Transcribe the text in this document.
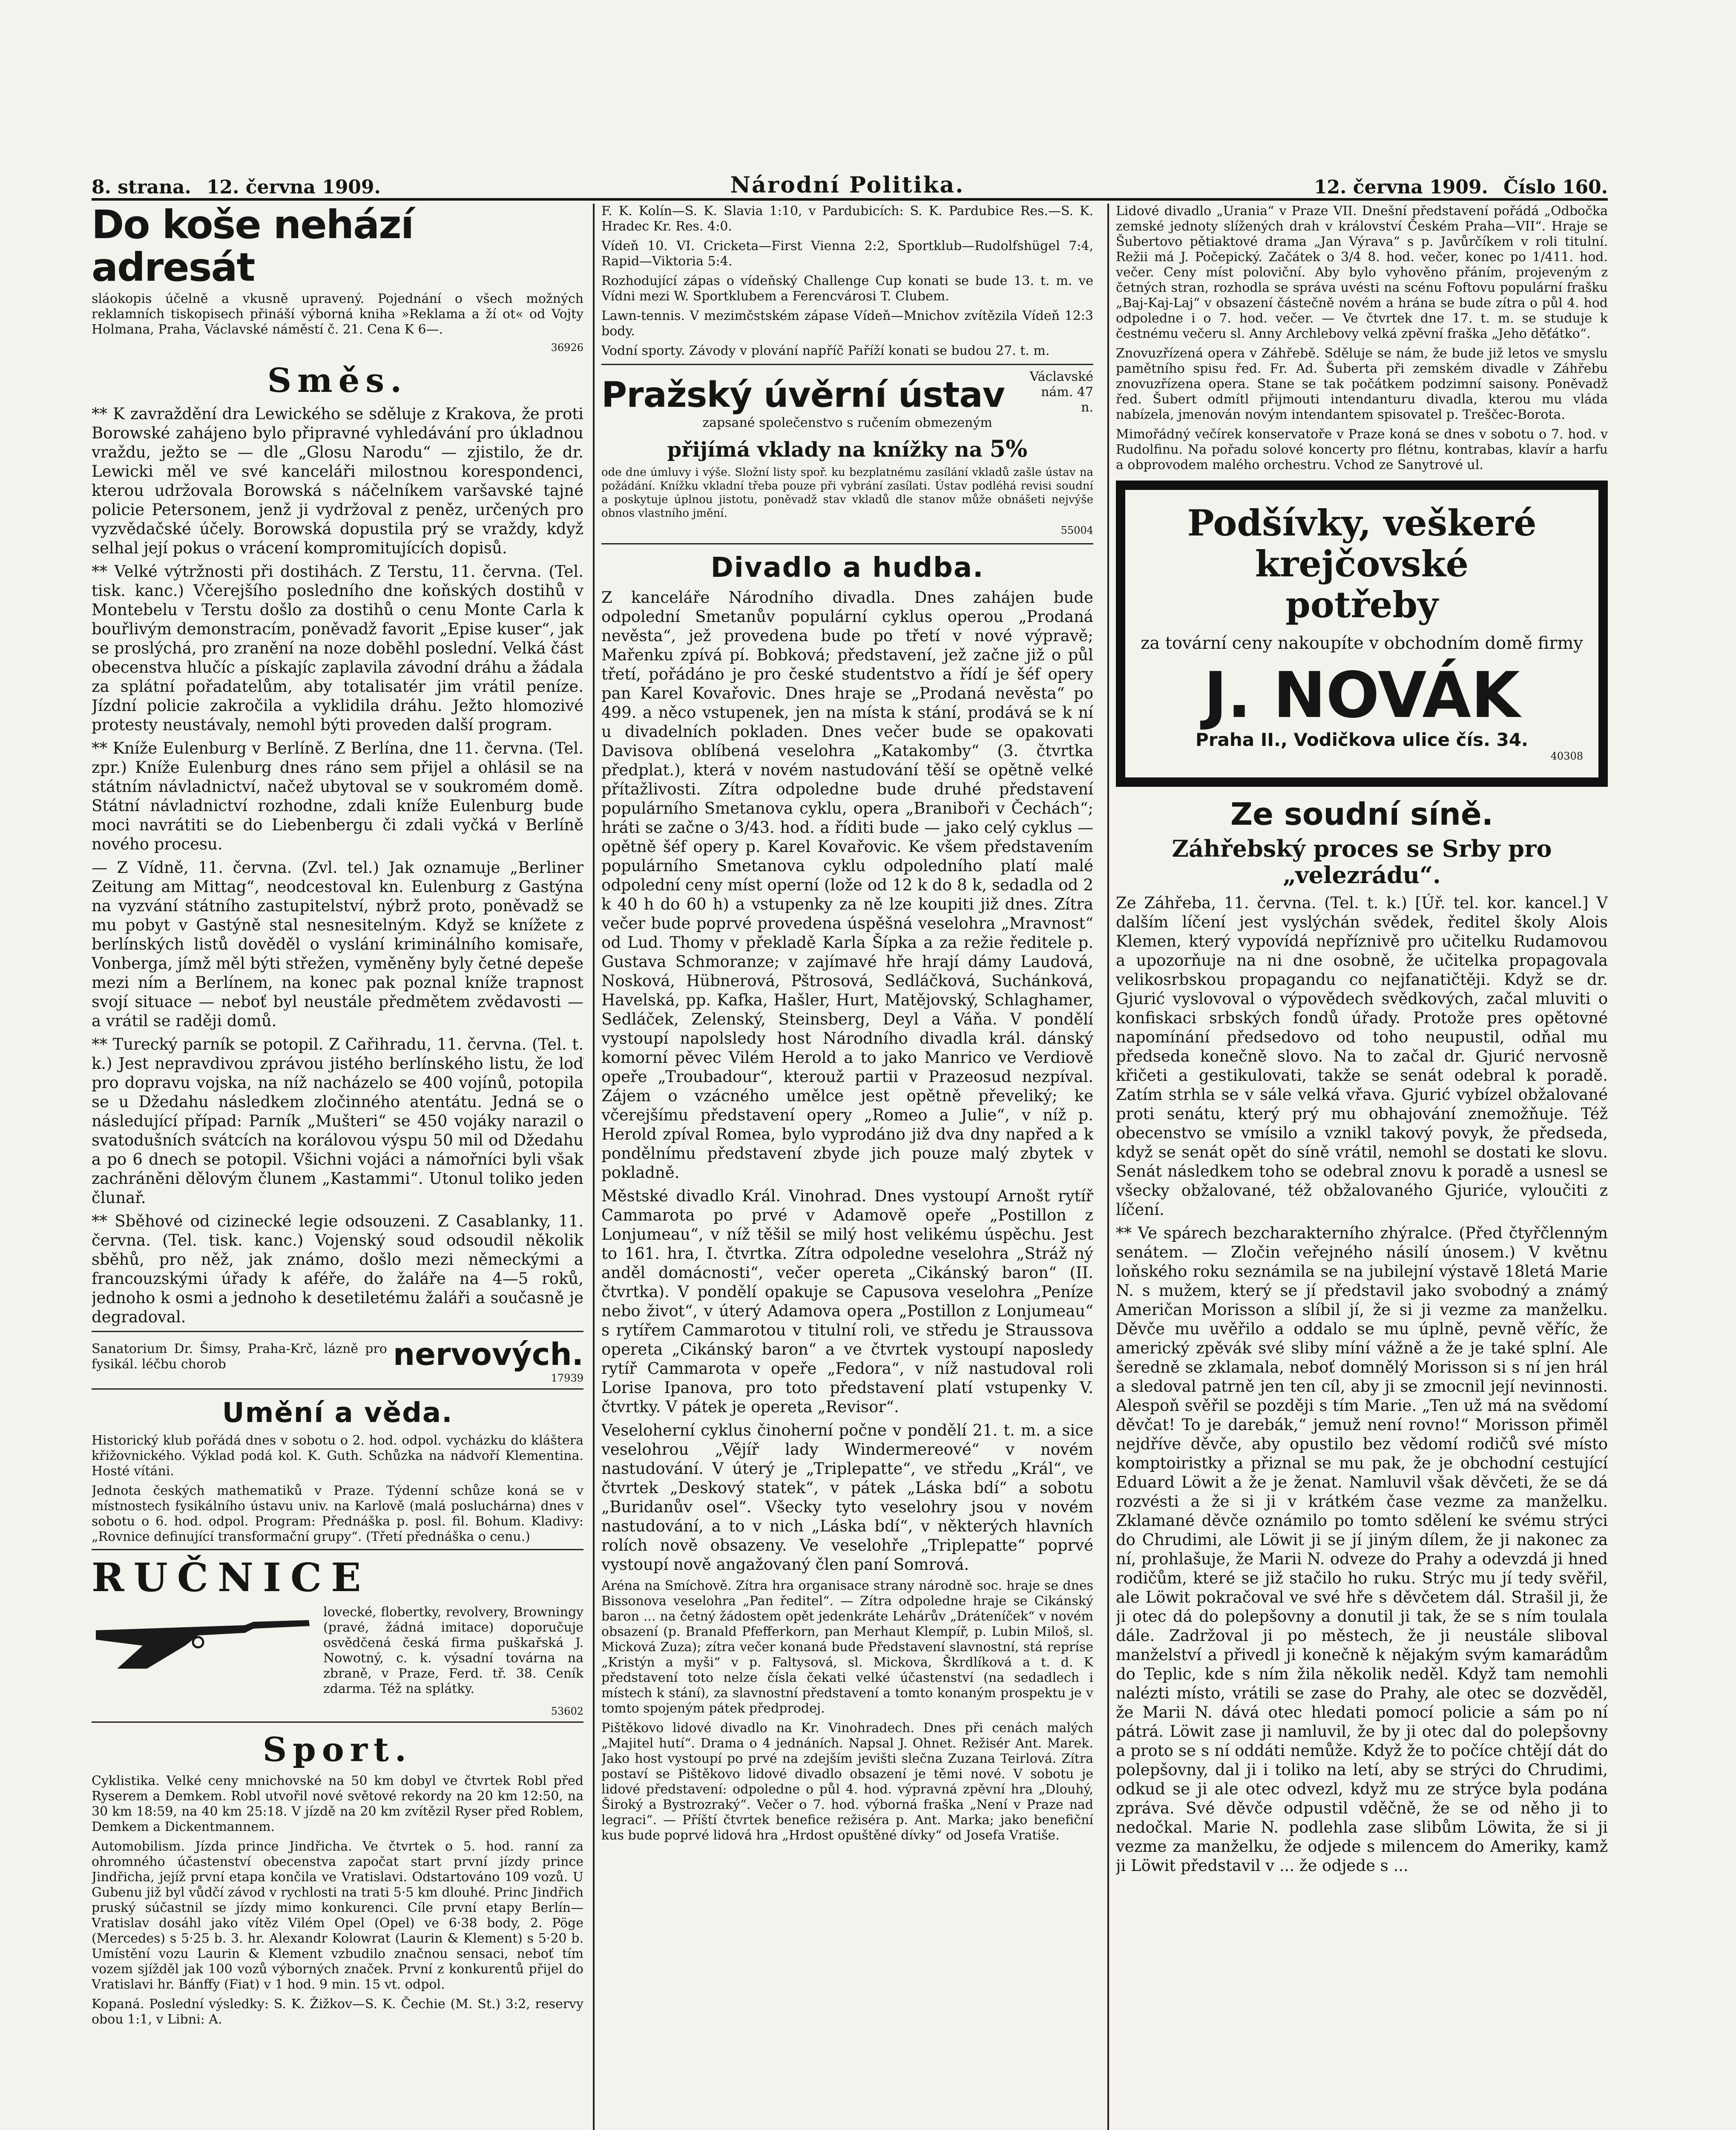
8. strana. 12. června 1909.	Národní Politika.	12. června 1909. Číslo 160.
Do koše nehází adresát

sláokopis účelně a vkusně upravený. Pojednání o všech možných reklamních tiskopisech přináší výborná kniha »Reklama a ží ot« od Vojty Holmana, Praha, Václavské náměstí č. 21. Cena K 6—.

36926
Směs.

** K zavraždění dra Lewického se sděluje z Krakova, že proti Borowské zahájeno bylo připravné vyhledávání pro úkladnou vraždu, ježto se — dle „Glosu Narodu“ — zjistilo, že dr. Lewicki měl ve své kanceláři milostnou korespondenci, kterou udržovala Borowská s náčelníkem varšavské tajné policie Petersonem, jenž ji vydržoval z peněz, určených pro vyzvědačské účely. Borowská dopustila prý se vraždy, když selhal její pokus o vrácení kompromitujících dopisů.

** Velké výtržnosti při dostihách. Z Terstu, 11. června. (Tel. tisk. kanc.) Včerejšího posledního dne koňských dostihů v Montebelu v Terstu došlo za dostihů o cenu Monte Carla k bouřlivým demonstracím, poněvadž favorit „Epise kuser“, jak se proslýchá, pro zranění na noze doběhl poslední. Velká část obecenstva hlučíc a pískajíc zaplavila závodní dráhu a žádala za splátní pořadatelům, aby totalisatér jim vrátil peníze. Jízdní policie zakročila a vyklidila dráhu. Ježto hlomozivé protesty neustávaly, nemohl býti proveden další program.

** Kníže Eulenburg v Berlíně. Z Berlína, dne 11. června. (Tel. zpr.) Kníže Eulenburg dnes ráno sem přijel a ohlásil se na státním návladnictví, načež ubytoval se v soukromém domě. Státní návladnictví rozhodne, zdali kníže Eulenburg bude moci navrátiti se do Liebenbergu či zdali vyčká v Berlíně nového procesu.

— Z Vídně, 11. června. (Zvl. tel.) Jak oznamuje „Berliner Zeitung am Mittag“, neodcestoval kn. Eulenburg z Gastýna na vyzvání státního zastupitelství, nýbrž proto, poněvadž se mu pobyt v Gastýně stal nesnesitelným. Když se knížete z berlínských listů dověděl o vyslání kriminálního komisaře, Vonberga, jímž měl býti střežen, vyměněny byly četné depeše mezi ním a Berlínem, na konec pak poznal kníže trapnost svojí situace — neboť byl neustále předmětem zvědavosti — a vrátil se raději domů.

** Turecký parník se potopil. Z Cařihradu, 11. června. (Tel. t. k.) Jest nepravdivou zprávou jistého berlínského listu, že loď pro dopravu vojska, na níž nacházelo se 400 vojínů, potopila se u Džedahu následkem zločinného atentátu. Jedná se o následující případ: Parník „Mušteri“ se 450 vojáky narazil o svatodušních svátcích na korálovou výspu 50 mil od Džedahu a po 6 dnech se potopil. Všichni vojáci a námořníci byli však zachráněni dělovým člunem „Kastammi“. Utonul toliko jeden člunař.

** Sběhové od cizinecké legie odsouzeni. Z Casablanky, 11. června. (Tel. tisk. kanc.) Vojenský soud odsoudil několik sběhů, pro něž, jak známo, došlo mezi německými a francouzskými úřady k aféře, do žaláře na 4—5 roků, jednoho k osmi a jednoho k desetiletému žaláři a současně je degradoval.

Sanatorium Dr. Šimsy, Praha-Krč, lázně pro fysikál. léčbu chorob	nervových.
17939
Umění a věda.

Historický klub pořádá dnes v sobotu o 2. hod. odpol. vycházku do kláštera křižovnického. Výklad podá kol. K. Guth. Schůzka na nádvoří Klementina. Hosté vítáni.

Jednota českých mathematiků v Praze. Týdenní schůze koná se v místnostech fysikálního ústavu univ. na Karlově (malá posluchárna) dnes v sobotu o 6. hod. odpol. Program: Přednáška p. posl. fil. Bohum. Kladivy: „Rovnice definující transformační grupy“. (Třetí přednáška o cenu.)

RUČNICE

lovecké, flobertky, revolvery, Browningy (pravé, žádná imitace) doporučuje osvědčená česká firma puškařská J. Nowotný, c. k. výsadní továrna na zbraně, v Praze, Ferd. tř. 38. Ceník zdarma. Též na splátky.

53602
Sport.

Cyklistika. Velké ceny mnichovské na 50 km dobyl ve čtvrtek Robl před Ryserem a Demkem. Robl utvořil nové světové rekordy na 20 km 12:50, na 30 km 18:59, na 40 km 25:18. V jízdě na 20 km zvítězil Ryser před Roblem, Demkem a Dickentmannem.

Automobilism. Jízda prince Jindřicha. Ve čtvrtek o 5. hod. ranní za ohromného účastenství obecenstva započat start první jízdy prince Jindřicha, jejíž první etapa končila ve Vratislavi. Odstartováno 109 vozů. U Gubenu již byl vůdčí závod v rychlosti na trati 5·5 km dlouhé. Princ Jindřich pruský súčastnil se jízdy mimo konkurenci. Cíle první etapy Berlín—Vratislav dosáhl jako vítěz Vilém Opel (Opel) ve 6·38 body, 2. Pöge (Mercedes) s 5·25 b. 3. hr. Alexandr Kolowrat (Laurin & Klement) s 5·20 b. Umístění vozu Laurin & Klement vzbudilo značnou sensaci, neboť tím vozem sjížděl jak 100 vozů výborných značek. První z konkurentů přijel do Vratislavi hr. Bánffy (Fiat) v 1 hod. 9 min. 15 vt. odpol.

Kopaná. Poslední výsledky: S. K. Žižkov—S. K. Čechie (M. St.) 3:2, reservy obou 1:1, v Libni: A.

F. K. Kolín—S. K. Slavia 1:10, v Pardubicích: S. K. Pardubice Res.—S. K. Hradec Kr. Res. 4:0.

Vídeň 10. VI. Cricketa—First Vienna 2:2, Sportklub—Rudolfshügel 7:4, Rapid—Viktoria 5:4.

Rozhodující zápas o vídeňský Challenge Cup konati se bude 13. t. m. ve Vídni mezi W. Sportklubem a Ferencvárosi T. Clubem.

Lawn-tennis. V mezimčstském zápase Vídeň—Mnichov zvítězila Vídeň 12:3 body.

Vodní sporty. Závody v plování napříč Paříží konati se budou 27. t. m.

Pražský úvěrní ústav	Václavské nám. 47 n.

zapsané společenstvo s ručením obmezeným

přijímá vklady na knížky na 5%

ode dne úmluvy i výše. Složní listy spoř. ku bezplatnému zasílání vkladů zašle ústav na požádání. Knížku vkladní třeba pouze při vybrání zasílati. Ústav podléhá revisi soudní a poskytuje úplnou jistotu, poněvadž stav vkladů dle stanov může obnášeti nejvýše obnos vlastního jmění.

55004
Divadlo a hudba.

Z kanceláře Národního divadla. Dnes zahájen bude odpolední Smetanův populární cyklus operou „Prodaná nevěsta“, jež provedena bude po třetí v nové výpravě; Mařenku zpívá pí. Bobková; představení, jež začne již o půl třetí, pořádáno je pro české studentstvo a řídí je šéf opery pan Karel Kovařovic. Dnes hraje se „Prodaná nevěsta“ po 499. a něco vstupenek, jen na místa k stání, prodává se k ní u divadelních pokladen. Dnes večer bude se opakovati Davisova oblíbená veselohra „Katakomby“ (3. čtvrtka předplat.), která v novém nastudování těší se opětně velké přítažlivosti. Zítra odpoledne bude druhé představení populárního Smetanova cyklu, opera „Braniboři v Čechách“; hráti se začne o 3/43. hod. a říditi bude — jako celý cyklus — opětně šéf opery p. Karel Kovařovic. Ke všem představením populárního Smetanova cyklu odpoledního platí malé odpolední ceny míst operní (lože od 12 k do 8 k, sedadla od 2 k 40 h do 60 h) a vstupenky za ně lze koupiti již dnes. Zítra večer bude poprvé provedena úspěšná veselohra „Mravnost“ od Lud. Thomy v překladě Karla Šípka a za režie ředitele p. Gustava Schmoranze; v zajímavé hře hrají dámy Laudová, Nosková, Hübnerová, Pštrosová, Sedláčková, Suchánková, Havelská, pp. Kafka, Hašler, Hurt, Matějovský, Schlaghamer, Sedláček, Zelenský, Steinsberg, Deyl a Váňa. V pondělí vystoupí napolsledy host Národního divadla král. dánský komorní pěvec Vilém Herold a to jako Manrico ve Verdiově opeře „Troubadour“, kterouž partii v Prazeosud nezpíval. Zájem o vzácného umělce jest opětně převeliký; ke včerejšímu představení opery „Romeo a Julie“, v níž p. Herold zpíval Romea, bylo vyprodáno již dva dny napřed a k pondělnímu představení zbyde jich pouze malý zbytek v pokladně.

Městské divadlo Král. Vinohrad. Dnes vystoupí Arnošt rytíř Cammarota po prvé v Adamově opeře „Postillon z Lonjumeau“, v níž těšil se milý host velikému úspěchu. Jest to 161. hra, I. čtvrtka. Zítra odpoledne veselohra „Stráž ný anděl domácnosti“, večer opereta „Cikánský baron“ (II. čtvrtka). V pondělí opakuje se Capusova veselohra „Peníze nebo život“, v úterý Adamova opera „Postillon z Lonjumeau“ s rytířem Cammarotou v titulní roli, ve středu je Straussova opereta „Cikánský baron“ a ve čtvrtek vystoupí naposledy rytíř Cammarota v opeře „Fedora“, v níž nastudoval roli Lorise Ipanova, pro toto představení platí vstupenky V. čtvrtky. V pátek je opereta „Revisor“.

Veseloherní cyklus činoherní počne v pondělí 21. t. m. a sice veselohrou „Vějíř lady Windermereové“ v novém nastudování. V úterý je „Triplepatte“, ve středu „Král“, ve čtvrtek „Deskový statek“, v pátek „Láska bdí“ a sobotu „Buridanův osel“. Všecky tyto veselohry jsou v novém nastudování, a to v nich „Láska bdí“, v některých hlavních rolích nově obsazeny. Ve veselohře „Triplepatte“ poprvé vystoupí nově angažovaný člen paní Somrová.

Aréna na Smíchově. Zítra hra organisace strany národně soc. hraje se dnes Bissonova veselohra „Pan ředitel“. — Zítra odpoledne hraje se Cikánský baron ... na četný žádostem opět jedenkráte Lehárův „Dráteníček“ v novém obsazení (p. Branald Pfefferkorn, pan Merhaut Klempíř, p. Lubin Miloš, sl. Micková Zuza); zítra večer konaná bude Představení slavnostní, stá repríse „Kristýn a myši“ v p. Faltysová, sl. Mickova, Škrdlíková a t. d. K představení toto nelze čísla čekati velké účastenství (na sedadlech i místech k stání), za slavnostní představení a tomto konaným prospektu je v tomto spojeným pátek předprodej.

Pištěkovo lidové divadlo na Kr. Vinohradech. Dnes při cenách malých „Majitel hutí“. Drama o 4 jednáních. Napsal J. Ohnet. Režisér Ant. Marek. Jako host vystoupí po prvé na zdejším jevišti slečna Zuzana Teirlová. Zítra postaví se Pištěkovo lidové divadlo obsazení je těmi nové. V sobotu je lidové představení: odpoledne o půl 4. hod. výpravná zpěvní hra „Dlouhý, Široký a Bystrozraký“. Večer o 7. hod. výborná fraška „Není v Praze nad legraci“. — Příští čtvrtek benefice režiséra p. Ant. Marka; jako benefiční kus bude poprvé lidová hra „Hrdost opuštěné dívky“ od Josefa Vratiše.

Lidové divadlo „Urania“ v Praze VII. Dnešní představení pořádá „Odbočka zemské jednoty slížených drah v království Českém Praha—VII“. Hraje se Šubertovo pětiaktové drama „Jan Výrava“ s p. Javůrčíkem v roli titulní. Režii má J. Počepický. Začátek o 3/4 8. hod. večer, konec po 1/411. hod. večer. Ceny míst poloviční. Aby bylo vyhověno přáním, projeveným z četných stran, rozhodla se správa uvésti na scénu Foftovu populární frašku „Baj-Kaj-Laj“ v obsazení částečně novém a hrána se bude zítra o půl 4. hod odpoledne i o 7. hod. večer. — Ve čtvrtek dne 17. t. m. se studuje k čestnému večeru sl. Anny Archlebovy velká zpěvní fraška „Jeho děťátko“.

Znovuzřízená opera v Záhřebě. Sděluje se nám, že bude již letos ve smyslu pamětního spisu řed. Fr. Ad. Šuberta při zemském divadle v Záhřebu znovuzřízena opera. Stane se tak počátkem podzimní saisony. Poněvadž řed. Šubert odmítl přijmouti intendanturu divadla, kterou mu vláda nabízela, jmenován novým intendantem spisovatel p. Treščec-Borota.

Mimořádný večírek konservatoře v Praze koná se dnes v sobotu o 7. hod. v Rudolfinu. Na pořadu solové koncerty pro flétnu, kontrabas, klavír a harfu a obprovodem malého orchestru. Vchod ze Sanytrové ul.

Podšívky, veškeré krejčovské
potřeby
za tovární ceny nakoupíte v obchodním domě firmy
J. NOVÁK
Praha II., Vodičkova ulice čís. 34.
40308
Ze soudní síně.
Záhřebský proces se Srby pro „velezrádu“.

Ze Záhřeba, 11. června. (Tel. t. k.) [Úř. tel. kor. kancel.] V dalším líčení jest vyslýchán svědek, ředitel školy Alois Klemen, který vypovídá nepříznivě pro učitelku Rudamovou a upozorňuje na ni dne osobně, že učitelka propagovala velikosrbskou propagandu co nejfanatičtěji. Když se dr. Gjurić vyslovoval o výpovědech svědkových, začal mluviti o konfiskaci srbských fondů úřady. Protože pres opětovné napomínání předsedovo od toho neupustil, odňal mu předseda konečně slovo. Na to začal dr. Gjurić nervosně křičeti a gestikulovati, takže se senát odebral k poradě. Zatím strhla se v sále velká vřava. Gjurić vybízel obžalované proti senátu, který prý mu obhajování znemožňuje. Též obecenstvo se vmísilo a vznikl takový povyk, že předseda, když se senát opět do síně vrátil, nemohl se dostati ke slovu. Senát následkem toho se odebral znovu k poradě a usnesl se všecky obžalované, též obžalovaného Gjuriće, vyloučiti z líčení.

** Ve spárech bezcharakterního zhýralce. (Před čtyřčlenným senátem. — Zločin veřejného násilí únosem.) V květnu loňského roku seznámila se na jubilejní výstavě 18letá Marie N. s mužem, který se jí představil jako svobodný a známý Američan Morisson a slíbil jí, že si ji vezme za manželku. Děvče mu uvěřilo a oddalo se mu úplně, pevně věříc, že americký zpěvák své sliby míní vážně a že je také splní. Ale šeredně se zklamala, neboť domnělý Morisson si s ní jen hrál a sledoval patrně jen ten cíl, aby ji se zmocnil její nevinnosti. Alespoň svěřil se později s tím Marie. „Ten už má na svědomí děvčat! To je darebák,“ jemuž není rovno!“ Morisson přiměl nejdříve děvče, aby opustilo bez vědomí rodičů své místo komptoiristky a přiznal se mu pak, že je obchodní cestující Eduard Löwit a že je ženat. Namluvil však děvčeti, že se dá rozvésti a že si ji v krátkém čase vezme za manželku. Zklamané děvče oznámilo po tomto sdělení ke svému strýci do Chrudimi, ale Löwit ji se jí jiným dílem, že ji nakonec za ní, prohlašuje, že Marii N. odveze do Prahy a odevzdá ji hned rodičům, které se již stačilo ho ruku. Strýc mu jí tedy svěřil, ale Löwit pokračoval ve své hře s děvčetem dál. Strašil ji, že ji otec dá do polepšovny a donutil ji tak, že se s ním toulala dále. Zadržoval ji po městech, že ji neustále sliboval manželství a přivedl ji konečně k nějakým svým kamarádům do Teplic, kde s ním žila několik neděl. Když tam nemohli nalézti místo, vrátili se zase do Prahy, ale otec se dozvěděl, že Marii N. dává otec hledati pomocí policie a sám po ní pátrá. Löwit zase ji namluvil, že by ji otec dal do polepšovny a proto se s ní oddáti nemůže. Když že to počíce chtějí dát do polepšovny, dal ji i toliko na letí, aby se strýci do Chrudimi, odkud se ji ale otec odvezl, když mu ze strýce byla podána zpráva. Své děvče odpustil vděčně, že se od něho ji to nedočkal. Marie N. podlehla zase slibům Löwita, že si ji vezme za manželku, že odjede s milencem do Ameriky, kamž ji Löwit představil v ... že odjede s ...
